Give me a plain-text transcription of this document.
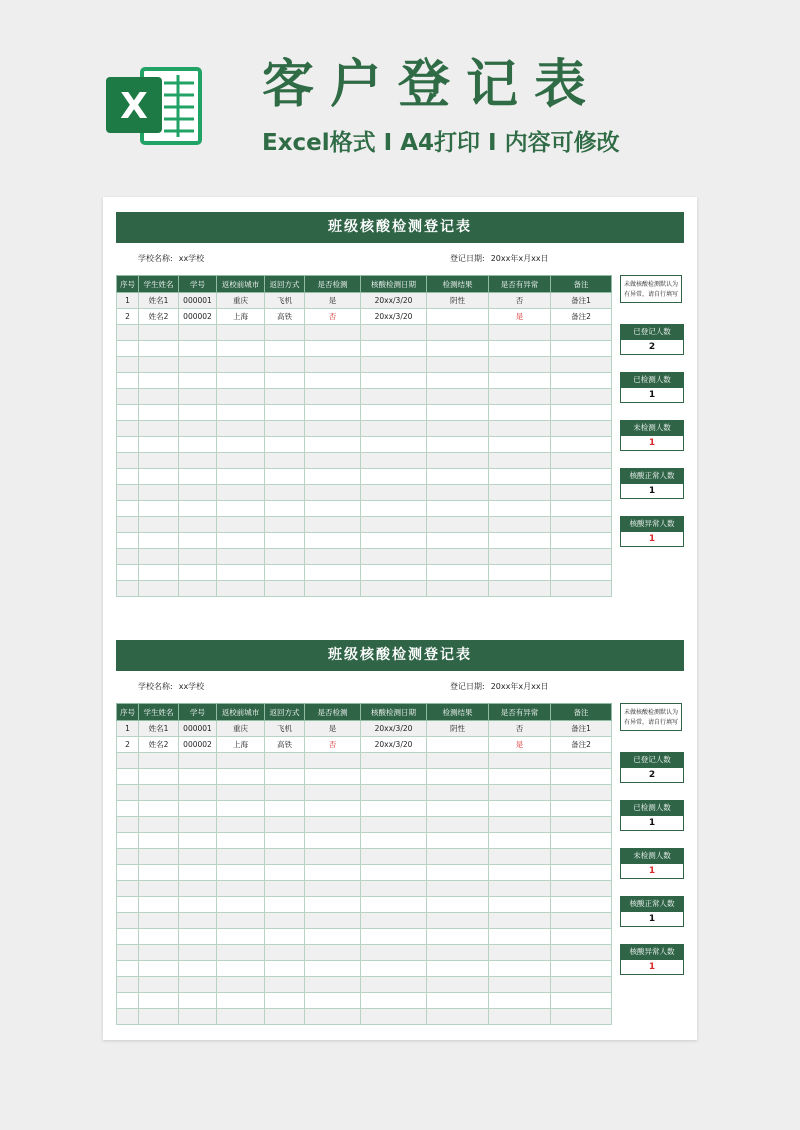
X 客户登记表
Excel格式 I A4打印 I 内容可修改
班级核酸检测登记表
学校名称: xx学校	登记日期: 20xx年x月xx日
序号	学生姓名	学号	返校前城市	返回方式	是否检测	核酸检测日期	检测结果	是否有异常	备注
1	姓名1	000001	重庆	飞机	是	20xx/3/20	阴性	否	备注1
2	姓名2	000002	上海	高铁	否	20xx/3/20		是	备注2

未做核酸检测默认为有异常，请自行填写
已登记人数
2
已检测人数
1
未检测人数
1
核酸正常人数
1
核酸异常人数
1
班级核酸检测登记表
学校名称: xx学校	登记日期: 20xx年x月xx日
序号	学生姓名	学号	返校前城市	返回方式	是否检测	核酸检测日期	检测结果	是否有异常	备注
1	姓名1	000001	重庆	飞机	是	20xx/3/20	阴性	否	备注1
2	姓名2	000002	上海	高铁	否	20xx/3/20		是	备注2

未做核酸检测默认为有异常，请自行填写
已登记人数
2
已检测人数
1
未检测人数
1
核酸正常人数
1
核酸异常人数
1
